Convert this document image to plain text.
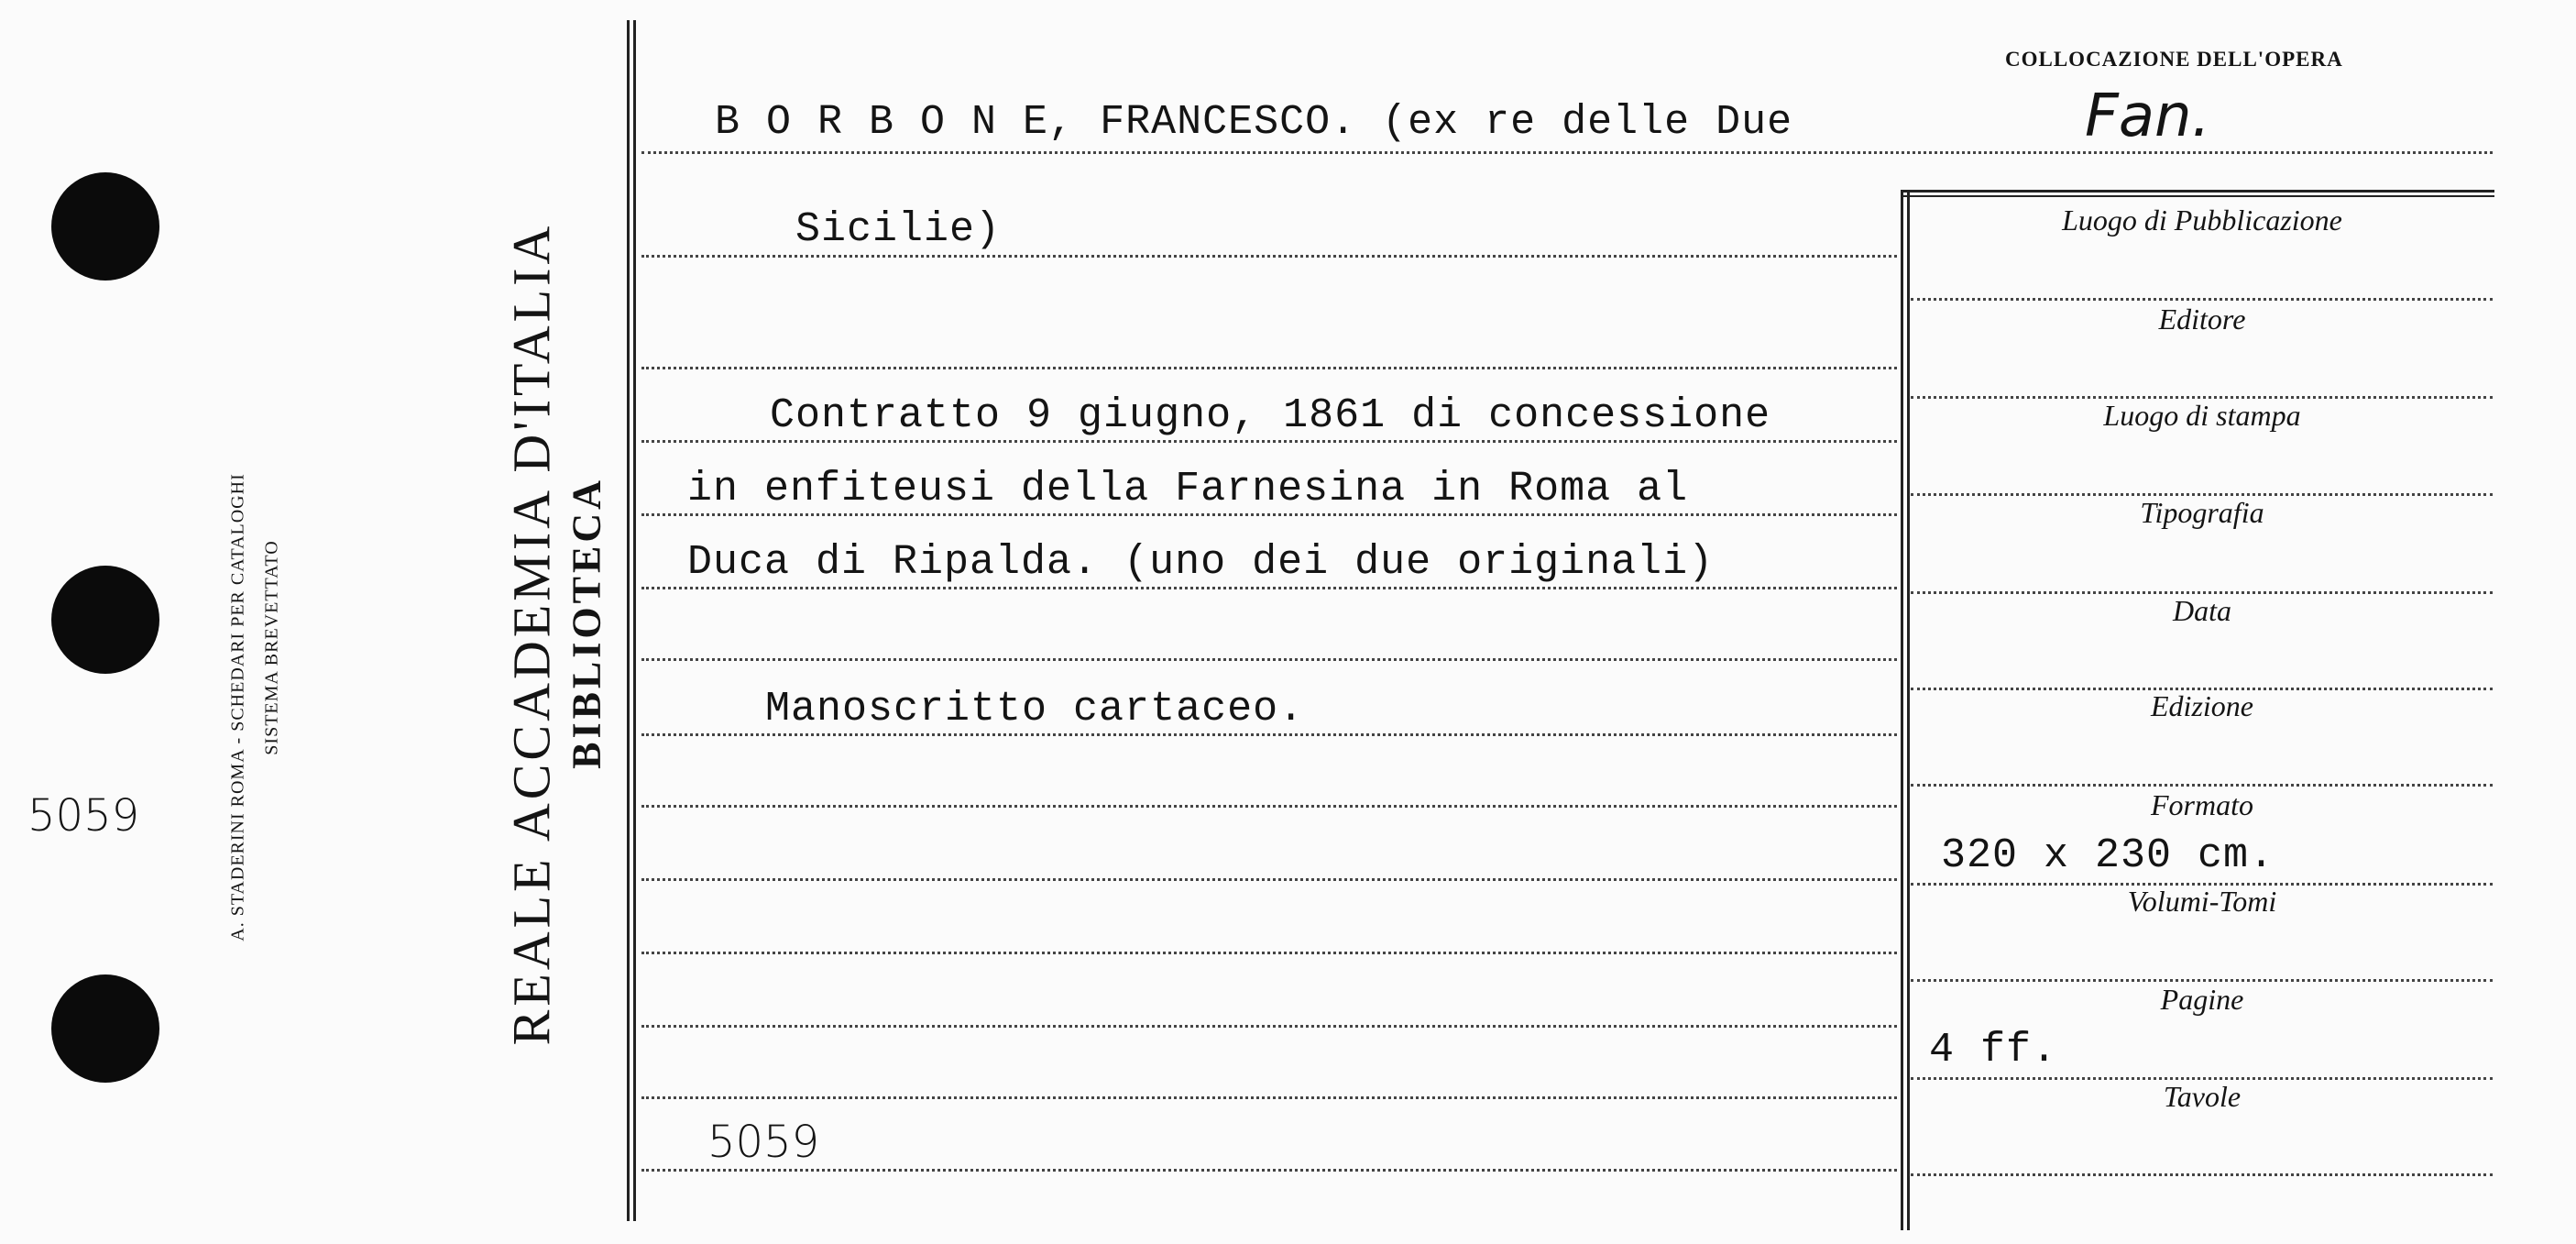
5059	A. STADERINI ROMA - SCHEDARI PER CATALOGHI SISTEMA BREVETTATO	REALE ACCADEMIA D'ITALIA BIBLIOTECA
COLLOCAZIONE DELL'OPERA
Fan.
B O R B O N E, FRANCESCO. (ex re delle Due
Sicilie)
Contratto 9 giugno, 1861 di concessione
in enfiteusi della Farnesina in Roma al
Duca di Ripalda. (uno dei due originali)
Manoscritto cartaceo.
5059
Luogo di Pubblicazione
Editore
Luogo di stampa
Tipografia
Data
Edizione
Formato
320 x 230 cm.
Volumi-Tomi
Pagine
4 ff.
Tavole
